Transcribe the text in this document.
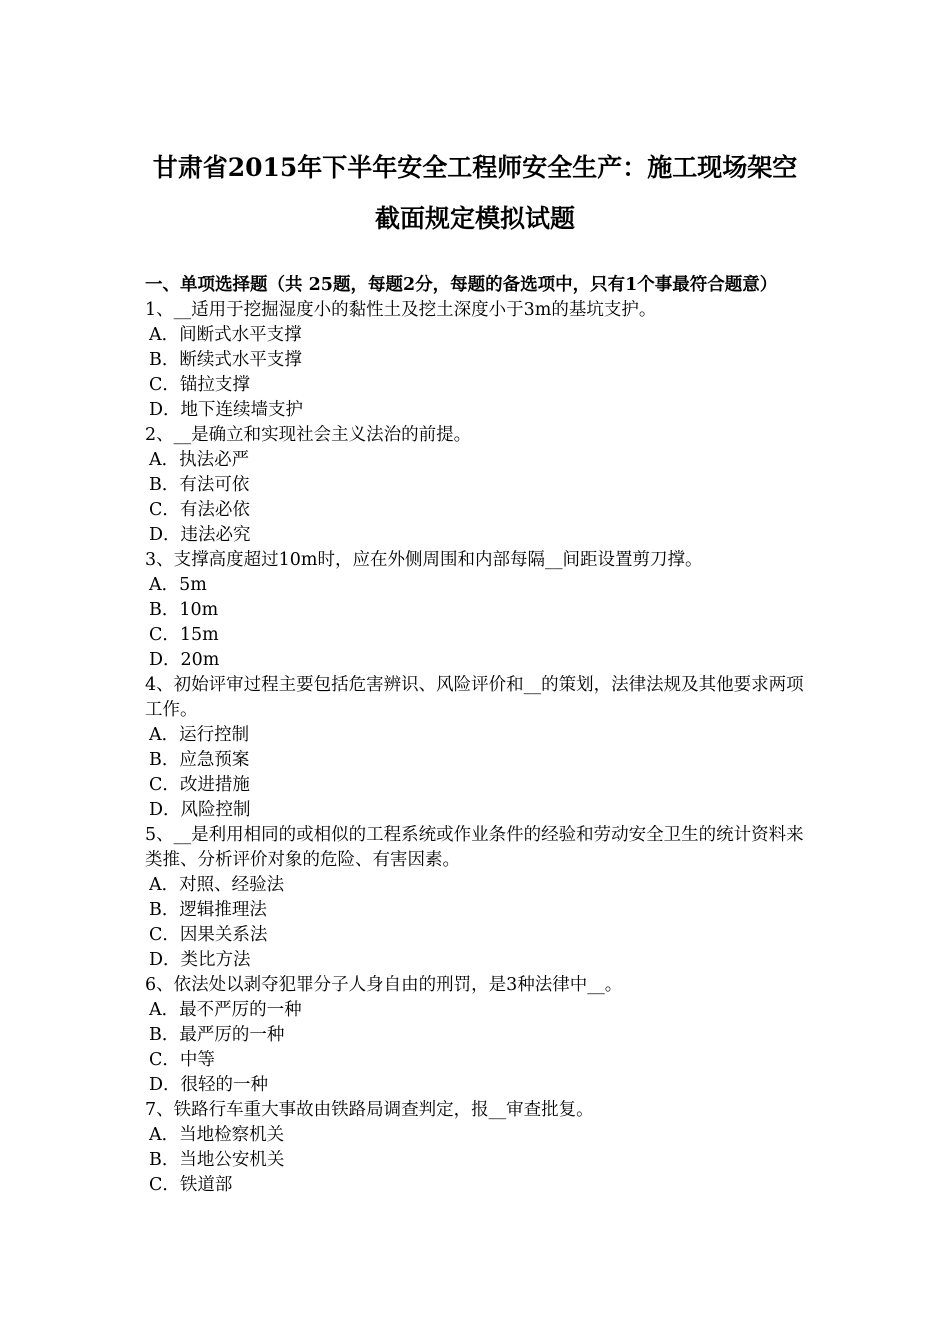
甘肃省2015年下半年安全工程师安全生产：施工现场架空
截面规定模拟试题
一、单项选择题（共 25题，每题2分，每题的备选项中，只有1个事最符合题意）
1、__适用于挖掘湿度小的黏性土及挖土深度小于3m的基坑支护。
A．间断式水平支撑
B．断续式水平支撑
C．锚拉支撑
D．地下连续墙支护
2、__是确立和实现社会主义法治的前提。
A．执法必严
B．有法可依
C．有法必依
D．违法必究
3、支撑高度超过10m时，应在外侧周围和内部每隔__间距设置剪刀撑。
A．5m
B．10m
C．15m
D．20m
4、初始评审过程主要包括危害辨识、风险评价和__的策划，法律法规及其他要求两项工作。
A．运行控制
B．应急预案
C．改进措施
D．风险控制
5、__是利用相同的或相似的工程系统或作业条件的经验和劳动安全卫生的统计资料来类推、分析评价对象的危险、有害因素。
A．对照、经验法
B．逻辑推理法
C．因果关系法
D．类比方法
6、依法处以剥夺犯罪分子人身自由的刑罚，是3种法律中__。
A．最不严厉的一种
B．最严厉的一种
C．中等
D．很轻的一种
7、铁路行车重大事故由铁路局调查判定，报__审查批复。
A．当地检察机关
B．当地公安机关
C．铁道部
